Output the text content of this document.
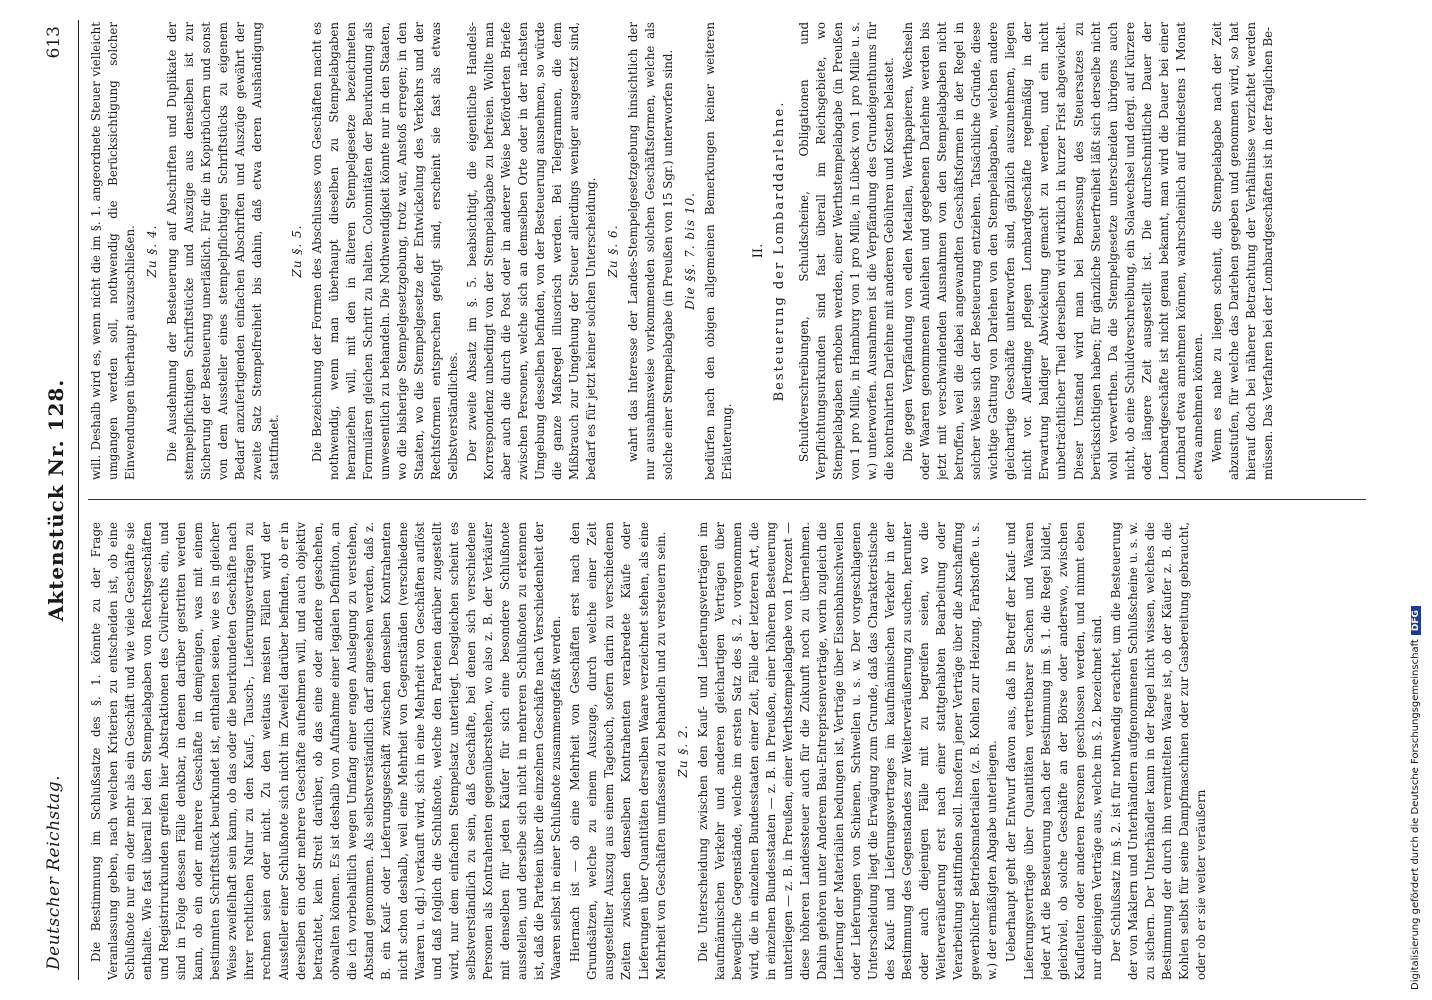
Deutscher Reichstag.
Aktenstück Nr. 128.
613

Die Bestimmung im Schlußsatze des §. 1. könnte zu der Frage Veranlassung geben, nach welchen Kriterien zu entscheiden ist, ob eine Schlußnote nur ein oder mehr als ein Geschäft und wie viele Geschäfte sie enthalte. Wie fast überall bei den Stempelabgaben von Rechtsgeschäften und Registrirurkunden greifen hier Abstraktionen des Civilrechts ein, und sind in Folge dessen Fälle denkbar, in denen darüber gestritten werden kann, ob ein oder mehrere Geschäfte in demjenigen, was mit einem bestimmten Schriftstück beurkundet ist, enthalten seien, wie es in gleicher Weise zweifelhaft sein kann, ob das oder die beurkundeten Geschäfte nach ihrer rechtlichen Natur zu den Kauf-, Tausch-, Lieferungsverträgen zu rechnen seien oder nicht. Zu den weitaus meisten Fällen wird der Aussteller einer Schlußnote sich nicht im Zweifel darüber befinden, ob er in derselben ein oder mehrere Geschäfte aufnehmen will, und auch objektiv betrachtet, kein Streit darüber, ob das eine oder andere geschehen, obwalten können. Es ist deshalb von Aufnahme einer legalen Definition, an die ich vorbehaltlich wegen Umfang einer engen Auslegung zu verstehen, Abstand genommen. Als selbstverständlich darf angesehen werden, daß z. B. ein Kauf- oder Lieferungsgeschäft zwischen denselben Kontrahenten nicht schon deshalb, weil eine Mehrheit von Gegenständen (verschiedene Waaren u. dgl.) verkauft wird, sich in eine Mehrheit von Geschäften auflöst und daß folglich die Schlußnote, welche den Parteien darüber zugestellt wird, nur dem einfachen Stempelsatz unterliegt. Desgleichen scheint es selbstverständlich zu sein, daß Geschäfte, bei denen sich verschiedene Personen als Kontrahenten gegenüberstehen, wo also z. B. der Verkäufer mit denselben für jeden Käufer für sich eine besondere Schlußnote ausstellen, und derselbe sich nicht in mehreren Schlußnoten zu erkennen ist, daß die Parteien über die einzelnen Geschäfte nach Verschiedenheit der Waaren selbst in einer Schlußnote zusammengefaßt werden. Hiernach ist — ob eine Mehrheit von Geschäften erst nach den Grundsätzen, welche zu einem Auszuge, durch welche einer Zeit ausgestellter Auszug aus einem Tagebuch, sofern darin zu verschiedenen Zeiten zwischen denselben Kontrahenten verabredete Käufe oder Lieferungen über Quantitäten derselben Waare verzeichnet stehen, als eine Mehrheit von Geschäften umfassend zu behandeln und zu versteuern sein. Zu §. 2. Die Unterscheidung zwischen den Kauf- und Lieferungsverträgen im kaufmännischen Verkehr und anderen gleichartigen Verträgen über bewegliche Gegenstände, welche im ersten Satz des §. 2. vorgenommen wird, die in einzelnen Bundesstaaten einer Zeit, Fälle der letzteren Art, die in einzelnen Bundesstaaten — z. B. in Preußen, einer höheren Besteuerung unterliegen — z. B. in Preußen, einer Werthstempelabgabe von 1 Prozent — diese höheren Landessteuer auch für die Zukunft noch zu übernehmen. Dahin gehören unter Anderem Bau-Entreprisenverträge, worin zugleich die Lieferung der Materialien bedungen ist, Verträge über Eisenbahnschwellen oder Lieferungen von Schienen, Schwellen u. s. w. Der vorgeschlagenen Unterscheidung liegt die Erwägung zum Grunde, daß das Charakteristische des Kauf- und Lieferungsvertrages im kaufmännischen Verkehr in der Bestimmung des Gegenstandes zur Weiterveräußerung zu suchen, herunter oder auch diejenigen Fälle mit zu begreifen seien, wo die Weiterveräußerung erst nach einer stattgehabten Bearbeitung oder Verarbeitung stattfinden soll. Insofern jener Verträge über die Anschaffung gewerblicher Betriebsmaterialien (z. B. Kohlen zur Heizung, Farbstoffe u. s. w.) der ermäßigten Abgabe unterliegen. Ueberhaupt geht der Entwurf davon aus, daß in Betreff der Kauf- und Lieferungsverträge über Quantitäten vertretbarer Sachen und Waaren jeder Art die Besteuerung nach der Bestimmung im §. 1. die Regel bildet, gleichviel, ob solche Geschäfte an der Börse oder anderswo, zwischen Kaufleuten oder anderen Personen geschlossen werden, und nimmt eben nur diejenigen Verträge aus, welche im §. 2. bezeichnet sind. Der Schlußsatz im §. 2. ist für nothwendig erachtet, um die Besteuerung der von Maklern und Unterhändlern aufgenommenen Schlußscheine u. s. w. zu sichern. Der Unterhändler kann in der Regel nicht wissen, welches die Bestimmung der durch ihn vermittelten Waare ist, ob der Käufer z. B. die Kohlen selbst für seine Dampfmaschinen oder zur Gasbereitung gebraucht, oder ob er sie weiter veräußern

will. Deshalb wird es, wenn nicht die im §. 1. angeordnete Steuer vielleicht umgangen werden soll, nothwendig die Berücksichtigung solcher Einwendungen überhaupt auszuschließen. Zu §. 4. Die Ausdehnung der Besteuerung auf Abschriften und Duplikate der stempelpflichtigen Schriftstücke und Auszüge aus denselben ist zur Sicherung der Besteuerung unerläßlich. Für die in Kopirbüchern und sonst von dem Aussteller eines stempelpflichtigen Schriftstücks zu eigenem Bedarf anzufertigenden einfachen Abschriften und Auszüge gewährt der zweite Satz Stempelfreiheit bis dahin, daß etwa deren Aushändigung stattfindet.

Zu §. 5. Die Bezeichnung der Formen des Abschlusses von Geschäften macht es nothwendig, wenn man überhaupt dieselben zu Stempelabgaben heranziehen will, mit den in älteren Stempelgesetze bezeichneten Formulären gleichen Schritt zu halten. Colonnitäten der Beurkundung als unwesentlich zu behandeln. Die Nothwendigkeit könnte nur in den Staaten, wo die bisherige Stempelgesetzgebung, trotz war, Anstoß erregen; in den Staaten, wo die Stempelgesetze der Entwickelung des Verkehrs und der Rechtsformen entsprechen gefolgt sind, erscheint sie fast als etwas Selbstverständliches. Der zweite Absatz im §. 5. beabsichtigt, die eigentliche Handels-Korrespondenz unbedingt von der Stempelabgabe zu befreien. Wollte man aber auch die durch die Post oder in anderer Weise beförderten Briefe zwischen Personen, welche sich an demselben Orte oder in der nächsten Umgebung desselben befinden, von der Besteuerung ausnehmen, so würde die ganze Maßregel illusorisch werden. Bei Telegrammen, die dem Mißbrauch zur Umgehung der Steuer allerdings weniger ausgesetzt sind, bedarf es für jetzt keiner solchen Unterscheidung. Zu §. 6. wahrt das Interesse der Landes-Stempelgesetzgebung hinsichtlich der nur ausnahmsweise vorkommenden solchen Geschäftsformen, welche als solche einer Stempelabgabe (in Preußen von 15 Sgr.) unterworfen sind. Die §§. 7. bis 10. bedürfen nach den obigen allgemeinen Bemerkungen keiner weiteren Erläuterung.

II. Besteuerung der Lombarddarlehne. Schuldverschreibungen, Schuldscheine, Obligationen und Verpflichtungsurkunden sind fast überall im Reichsgebiete, wo Stempelabgaben erhoben werden, einer Werthstempelabgabe (in Preußen von 1 pro Mille, in Hamburg von 1 pro Mille, in Lübeck von 1 pro Mille u. s. w.) unterworfen. Ausnahmen ist die Verpfändung des Grundeigenthums für die kontrahirten Darlehne mit anderen Gebühren und Kosten belastet. Die gegen Verpfändung von edlen Metallen, Werthpapieren, Wechseln oder Waaren genommenen Anleihen und gegebenen Darlehne werden bis jetzt mit verschwindenden Ausnahmen von den Stempelabgaben nicht betroffen, weil die dabei angewandten Geschäftsformen in der Regel in solcher Weise sich der Besteuerung entziehen. Tatsächliche Gründe, diese wichtige Gattung von Darlehen von den Stempelabgaben, welchen andere gleichartige Geschäfte unterworfen sind, gänzlich auszunehmen, liegen nicht vor. Allerdinge pflegen Lombardgeschäfte regelmäßig in der Erwartung baldiger Abwickelung gemacht zu werden, und ein nicht unbeträchtlicher Theil derselben wird wirklich in kurzer Frist abgewickelt. Dieser Umstand wird man bei Bemessung des Steuersatzes zu berücksichtigen haben; für gänzliche Steuerfreiheit läßt sich derselbe nicht wohl verwerthen. Da die Stempelgesetze unterscheiden übrigens auch nicht, ob eine Schuldverschreibung, ein Solawechsel und dergl. auf kürzere oder längere Zeit ausgestellt ist. Die durchschnittliche Dauer der Lombardgeschäfte ist nicht genau bekannt, man wird die Dauer bei einer Lombard etwa annehmen können, wahrscheinlich auf mindestens 1 Monat etwa annehmen können. Wenn es nahe zu liegen scheint, die Stempelabgabe nach der Zeit abzustufen, für welche das Darlehen gegeben und genommen wird, so hat hierauf doch bei näherer Betrachtung der Verhältnisse verzichtet werden müssen. Das Verfahren bei der Lombardgeschäften ist in der fraglichen Be-

Digitalisierung gefördert durch die Deutsche ForschungsgemeinschaftDFG
